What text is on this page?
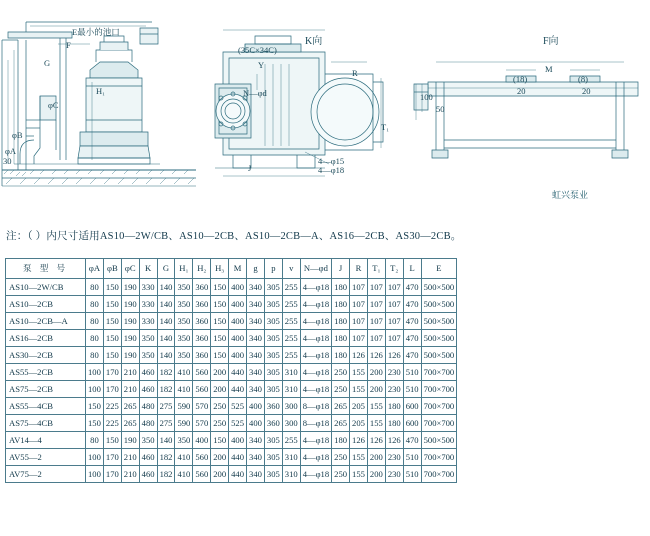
E最小的池口
F
G
φC
φB
φA
(35C×34C)
K向
Y
N—φd
R
T₁
J
4—φ15
4—φ18
F向
M
(18)
20
(8)
20
100
50
30
H₁
虹兴泵业
注：（ ）内尺寸适用AS10—2W/CB、AS10—2CB、AS10—2CB—A、AS16—2CB、AS30—2CB。
泵 型 号	φA	φB	φC	K	G	H₁	H₂	H₃	M	g	p	v	N—φd	J	R	T₁	T₂	L	E
AS10—2W/CB	80	150	190	330	140	350	360	150	400	340	305	255	4—φ18	180	107	107	107	470	500×500
AS10—2CB	80	150	190	330	140	350	360	150	400	340	305	255	4—φ18	180	107	107	107	470	500×500
AS10—2CB—A	80	150	190	330	140	350	360	150	400	340	305	255	4—φ18	180	107	107	107	470	500×500
AS16—2CB	80	150	190	350	140	350	360	150	400	340	305	255	4—φ18	180	107	107	107	470	500×500
AS30—2CB	80	150	190	350	140	350	360	150	400	340	305	255	4—φ18	180	126	126	126	470	500×500
AS55—2CB	100	170	210	460	182	410	560	200	440	340	305	310	4—φ18	250	155	200	230	510	700×700
AS75—2CB	100	170	210	460	182	410	560	200	440	340	305	310	4—φ18	250	155	200	230	510	700×700
AS55—4CB	150	225	265	480	275	590	570	250	525	400	360	300	8—φ18	265	205	155	180	600	700×700
AS75—4CB	150	225	265	480	275	590	570	250	525	400	360	300	8—φ18	265	205	155	180	600	700×700
AV14—4	80	150	190	350	140	350	400	150	400	340	305	255	4—φ18	180	126	126	126	470	500×500
AV55—2	100	170	210	460	182	410	560	200	440	340	305	310	4—φ18	250	155	200	230	510	700×700
AV75—2	100	170	210	460	182	410	560	200	440	340	305	310	4—φ18	250	155	200	230	510	700×700
